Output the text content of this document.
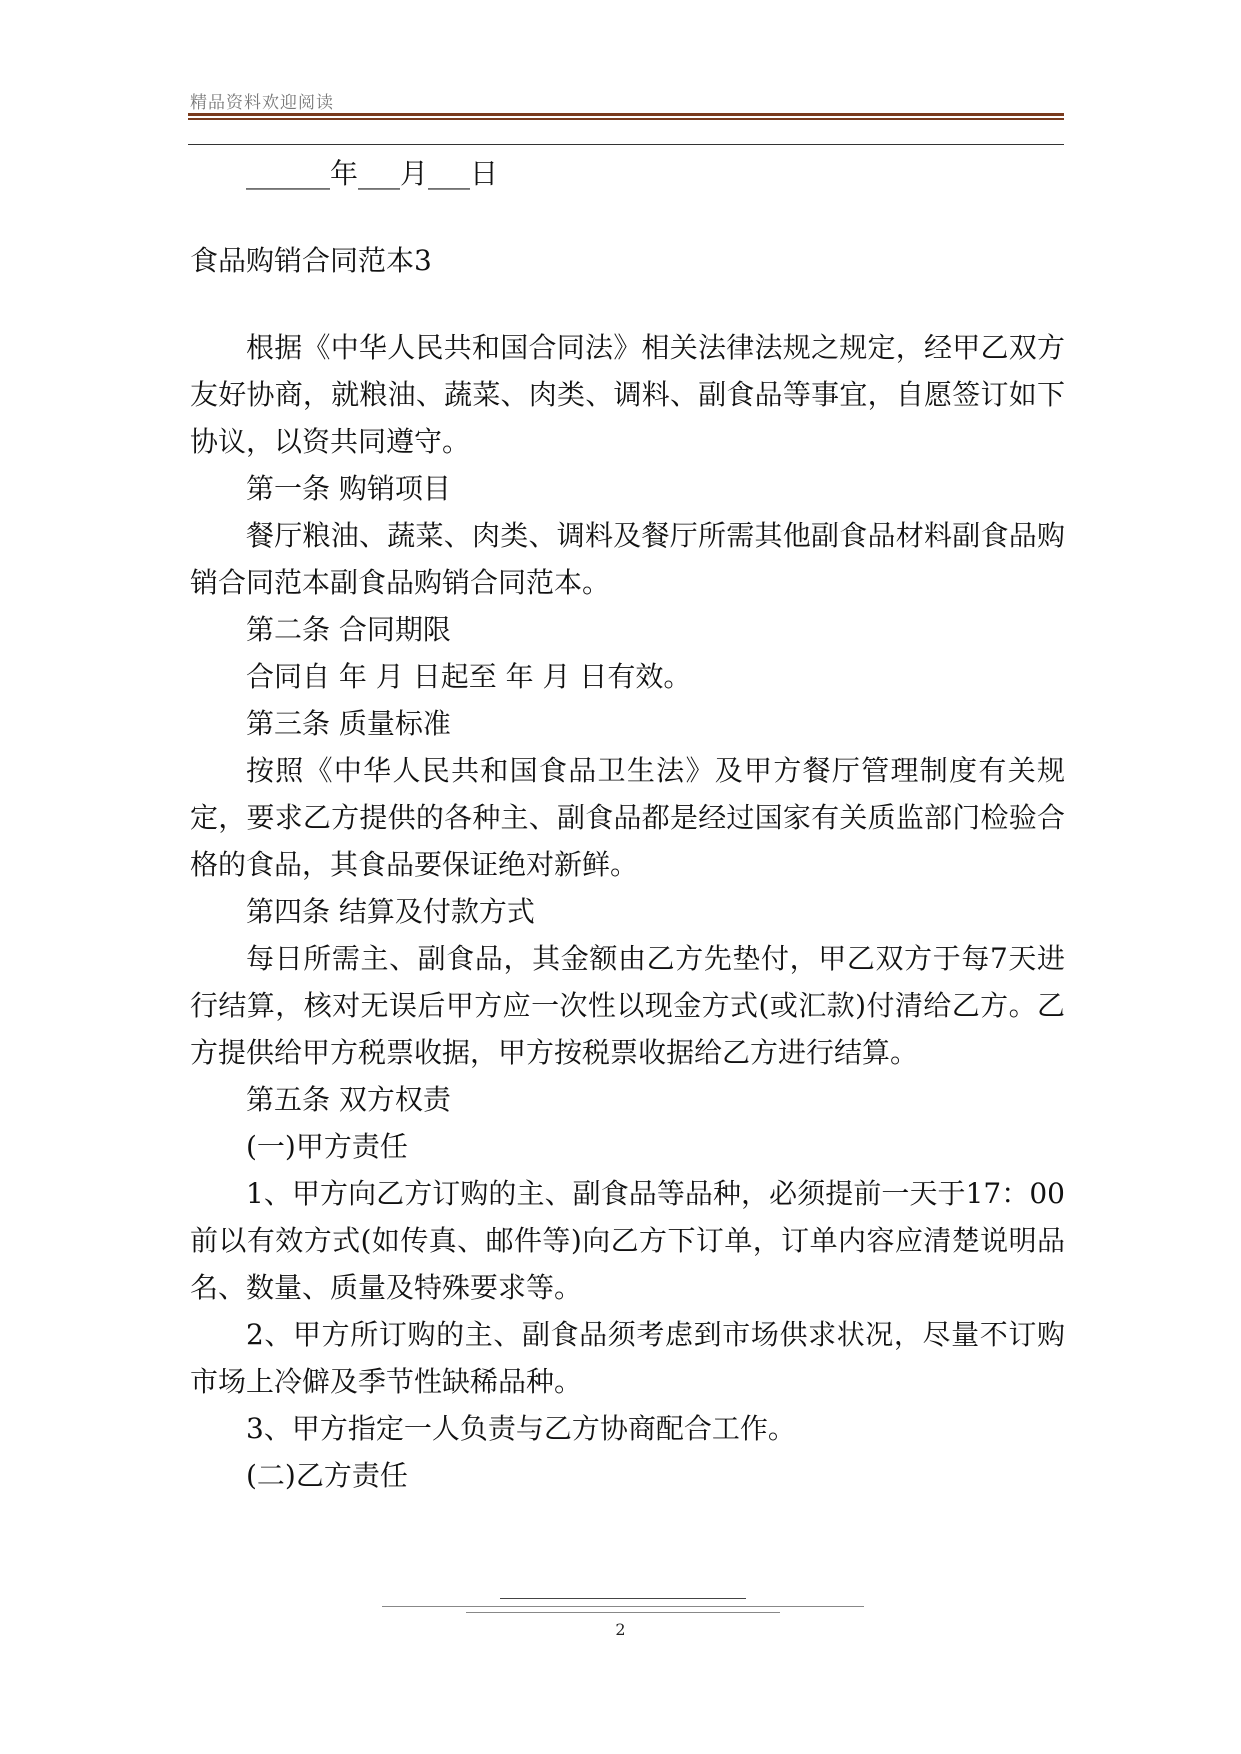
精品资料欢迎阅读

______年___月___日

食品购销合同范本3

根据《中华人民共和国合同法》相关法律法规之规定，经甲乙双方友好协商，就粮油、蔬菜、肉类、调料、副食品等事宜，自愿签订如下协议，以资共同遵守。

第一条 购销项目

餐厅粮油、蔬菜、肉类、调料及餐厅所需其他副食品材料副食品购销合同范本副食品购销合同范本。

第二条 合同期限

合同自 年 月 日起至 年 月 日有效。

第三条 质量标准

按照《中华人民共和国食品卫生法》及甲方餐厅管理制度有关规定，要求乙方提供的各种主、副食品都是经过国家有关质监部门检验合格的食品，其食品要保证绝对新鲜。

第四条 结算及付款方式

每日所需主、副食品，其金额由乙方先垫付，甲乙双方于每7天进行结算，核对无误后甲方应一次性以现金方式(或汇款)付清给乙方。乙方提供给甲方税票收据，甲方按税票收据给乙方进行结算。

第五条 双方权责

(一)甲方责任

1、甲方向乙方订购的主、副食品等品种，必须提前一天于17：00前以有效方式(如传真、邮件等)向乙方下订单，订单内容应清楚说明品名、数量、质量及特殊要求等。

2、甲方所订购的主、副食品须考虑到市场供求状况，尽量不订购市场上冷僻及季节性缺稀品种。

3、甲方指定一人负责与乙方协商配合工作。

(二)乙方责任

2
